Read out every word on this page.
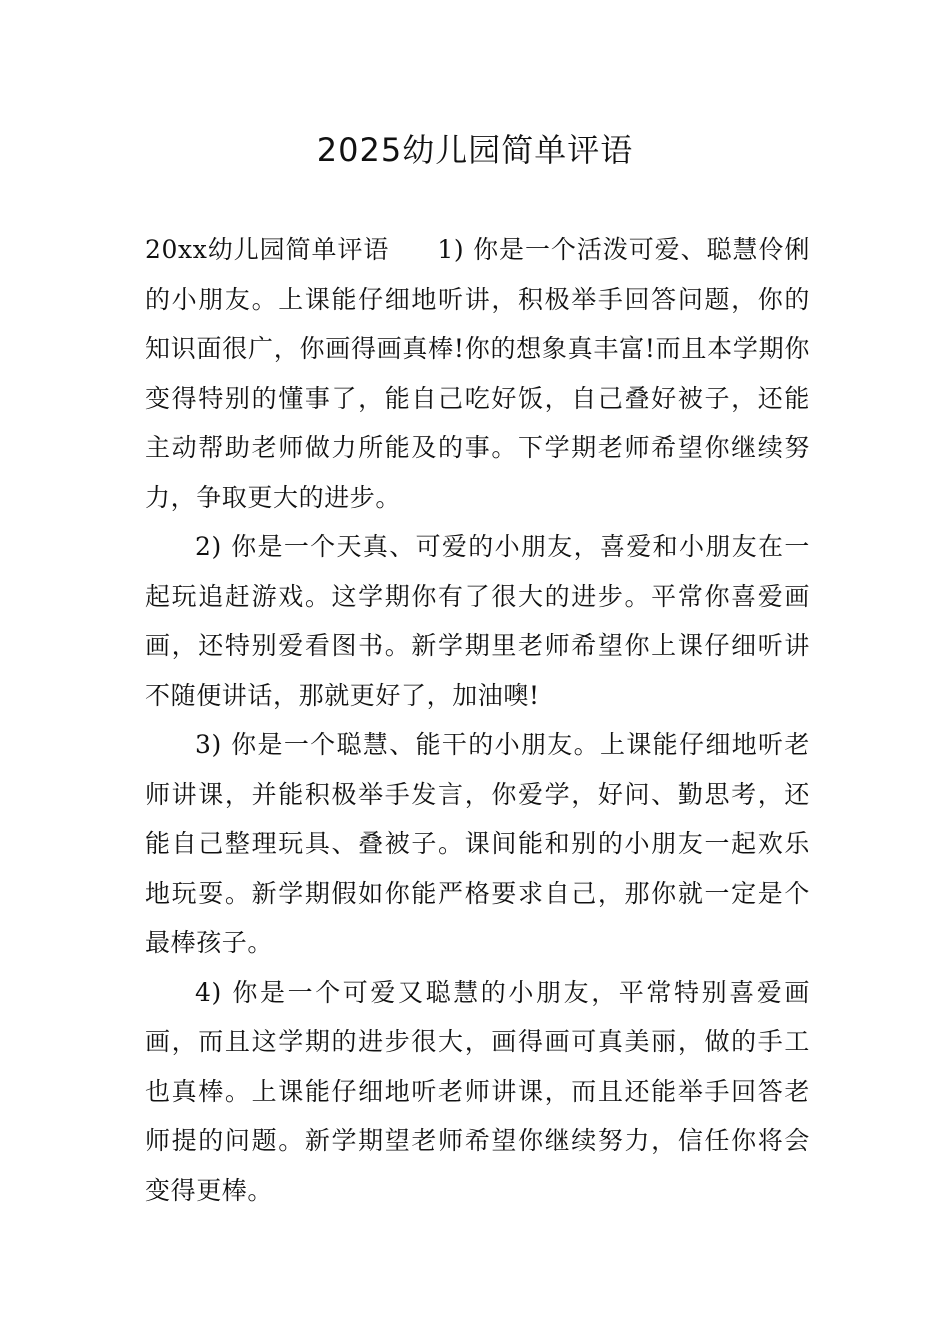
2025幼儿园简单评语

20xx幼儿园简单评语 1) 你是一个活泼可爱、聪慧伶俐的小朋友。上课能仔细地听讲，积极举手回答问题，你的知识面很广，你画得画真棒!你的想象真丰富!而且本学期你变得特别的懂事了，能自己吃好饭，自己叠好被子，还能主动帮助老师做力所能及的事。下学期老师希望你继续努力，争取更大的进步。

2) 你是一个天真、可爱的小朋友，喜爱和小朋友在一起玩追赶游戏。这学期你有了很大的进步。平常你喜爱画画，还特别爱看图书。新学期里老师希望你上课仔细听讲不随便讲话，那就更好了，加油噢!

3) 你是一个聪慧、能干的小朋友。上课能仔细地听老师讲课，并能积极举手发言，你爱学，好问、勤思考，还能自己整理玩具、叠被子。课间能和别的小朋友一起欢乐地玩耍。新学期假如你能严格要求自己，那你就一定是个最棒孩子。

4) 你是一个可爱又聪慧的小朋友，平常特别喜爱画画，而且这学期的进步很大，画得画可真美丽，做的手工也真棒。上课能仔细地听老师讲课，而且还能举手回答老师提的问题。新学期望老师希望你继续努力，信任你将会变得更棒。
